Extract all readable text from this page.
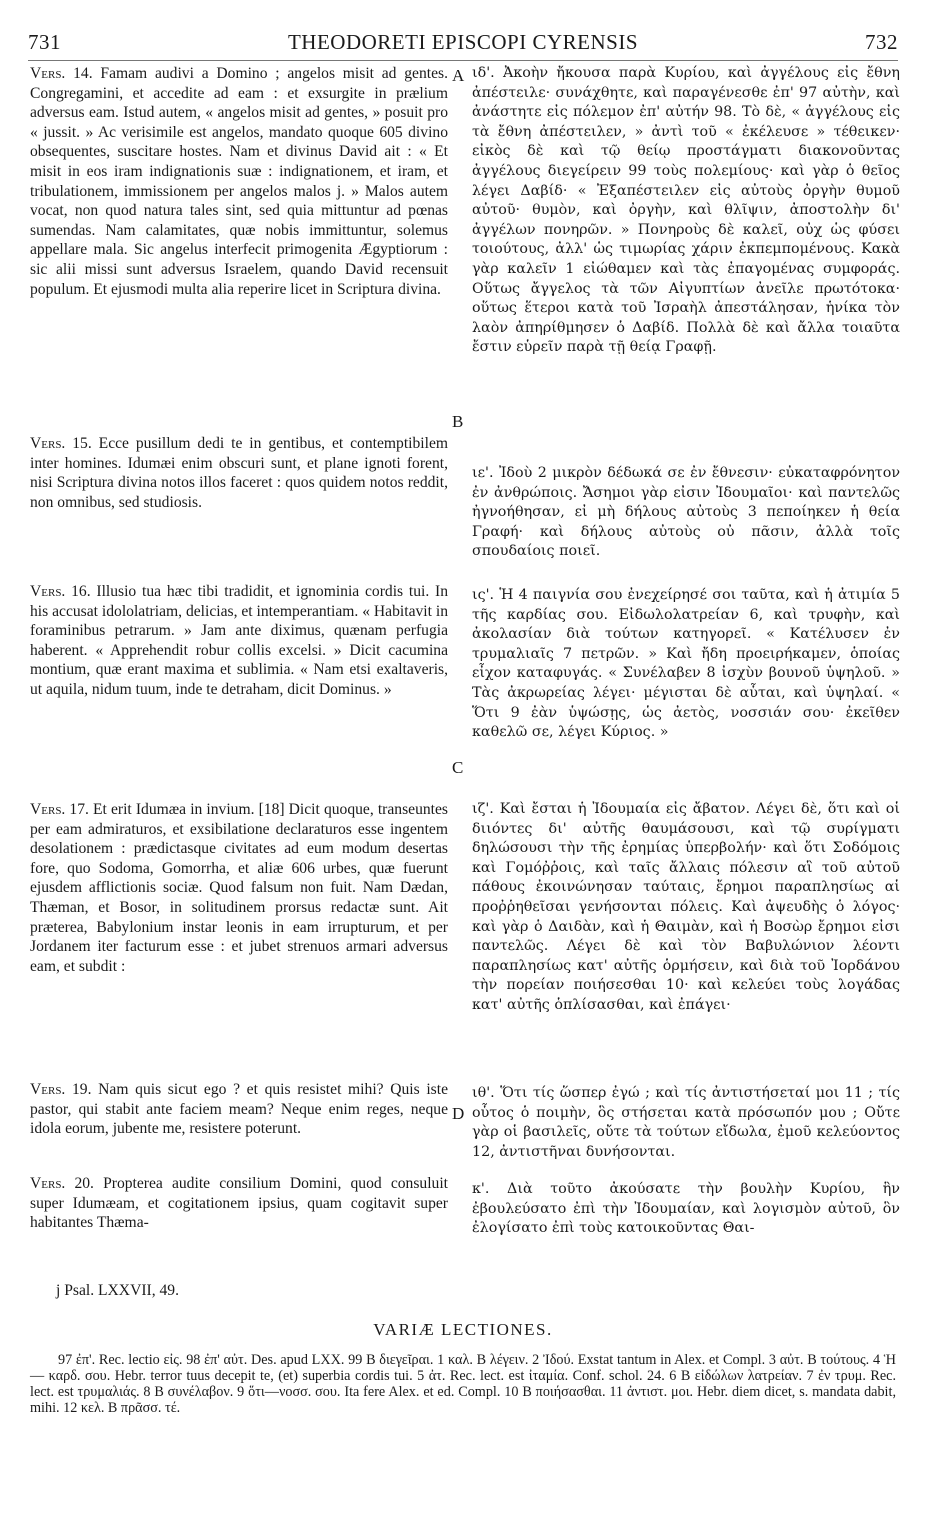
731	THEODORETI EPISCOPI CYRENSIS	732

Vers. 14. Famam audivi a Domino ; angelos misit ad gentes. Congregamini, et accedite ad eam : et exsurgite in prælium adversus eam. Istud autem, « angelos misit ad gentes, » posuit pro « jussit. » Ac verisimile est angelos, mandato quoque 605 divino obsequentes, suscitare hostes. Nam et divinus David ait : « Et misit in eos iram indignationis suæ : indignationem, et iram, et tribulationem, immissionem per angelos malos j. » Malos autem vocat, non quod natura tales sint, sed quia mittuntur ad pœnas sumendas. Nam calamitates, quæ nobis immittuntur, solemus appellare mala. Sic angelus interfecit primogenita Ægyptiorum : sic alii missi sunt adversus Israelem, quando David recensuit populum. Et ejusmodi multa alia reperire licet in Scriptura divina.

Vers. 15. Ecce pusillum dedi te in gentibus, et contemptibilem inter homines. Idumæi enim obscuri sunt, et plane ignoti forent, nisi Scriptura divina notos illos faceret : quos quidem notos reddit, non omnibus, sed studiosis.

Vers. 16. Illusio tua hæc tibi tradidit, et ignominia cordis tui. In his accusat idololatriam, delicias, et intemperantiam. « Habitavit in foraminibus petrarum. » Jam ante diximus, quænam perfugia haberent. « Apprehendit robur collis excelsi. » Dicit cacumina montium, quæ erant maxima et sublimia. « Nam etsi exaltaveris, ut aquila, nidum tuum, inde te detraham, dicit Dominus. »

Vers. 17. Et erit Idumæa in invium. [18] Dicit quoque, transeuntes per eam admiraturos, et exsibilatione declaraturos esse ingentem desolationem : prædictasque civitates ad eum modum desertas fore, quo Sodoma, Gomorrha, et aliæ 606 urbes, quæ fuerunt ejusdem afflictionis sociæ. Quod falsum non fuit. Nam Dædan, Thæman, et Bosor, in solitudinem prorsus redactæ sunt. Ait præterea, Babylonium instar leonis in eam irrupturum, et per Jordanem iter facturum esse : et jubet strenuos armari adversus eam, et subdit :

Vers. 19. Nam quis sicut ego ? et quis resistet mihi? Quis iste pastor, qui stabit ante faciem meam? Neque enim reges, neque idola eorum, jubente me, resistere poterunt.

Vers. 20. Propterea audite consilium Domini, quod consuluit super Idumæam, et cogitationem ipsius, quam cogitavit super habitantes Thæma-

A
B
C
D

ιδ'. Ἀκοὴν ἤκουσα παρὰ Κυρίου, καὶ ἀγγέλους εἰς ἔθνη ἀπέστειλε· συνάχθητε, καὶ παραγένεσθε ἐπ' 97 αὐτὴν, καὶ ἀνάστητε εἰς πόλεμον ἐπ' αὐτήν 98. Τὸ δὲ, « ἀγγέλους εἰς τὰ ἔθνη ἀπέστειλεν, » ἀντὶ τοῦ « ἐκέλευσε » τέθεικεν· εἰκὸς δὲ καὶ τῷ θείῳ προστάγματι διακονοῦντας ἀγγέλους διεγείρειν 99 τοὺς πολεμίους· καὶ γὰρ ὁ θεῖος λέγει Δαβίδ· « Ἐξαπέστειλεν εἰς αὐτοὺς ὀργὴν θυμοῦ αὐτοῦ· θυμὸν, καὶ ὀργὴν, καὶ θλῖψιν, ἀποστολὴν δι' ἀγγέλων πονηρῶν. » Πονηροὺς δὲ καλεῖ, οὐχ ὡς φύσει τοιούτους, ἀλλ' ὡς τιμωρίας χάριν ἐκπεμπομένους. Κακὰ γὰρ καλεῖν 1 εἰώθαμεν καὶ τὰς ἐπαγομένας συμφοράς. Οὕτως ἄγγελος τὰ τῶν Αἰγυπτίων ἀνεῖλε πρωτότοκα· οὕτως ἕτεροι κατὰ τοῦ Ἰσραὴλ ἀπεστάλησαν, ἡνίκα τὸν λαὸν ἀπηρίθμησεν ὁ Δαβίδ. Πολλὰ δὲ καὶ ἄλλα τοιαῦτα ἔστιν εὑρεῖν παρὰ τῇ θείᾳ Γραφῇ.

ιε'. Ἰδοὺ 2 μικρὸν δέδωκά σε ἐν ἔθνεσιν· εὐκαταφρόνητον ἐν ἀνθρώποις. Ἄσημοι γὰρ εἰσιν Ἰδουμαῖοι· καὶ παντελῶς ἠγνοήθησαν, εἰ μὴ δήλους αὐτοὺς 3 πεποίηκεν ἡ θεία Γραφή· καὶ δήλους αὐτοὺς οὐ πᾶσιν, ἀλλὰ τοῖς σπουδαίοις ποιεῖ.

ις'. Ἡ 4 παιγνία σου ἐνεχείρησέ σοι ταῦτα, καὶ ἡ ἀτιμία 5 τῆς καρδίας σου. Εἰδωλολατρείαν 6, καὶ τρυφὴν, καὶ ἀκολασίαν διὰ τούτων κατηγορεῖ. « Κατέλυσεν ἐν τρυμαλιαῖς 7 πετρῶν. » Καὶ ἤδη προειρήκαμεν, ὁποίας εἶχον καταφυγάς. « Συνέλαβεν 8 ἰσχὺν βουνοῦ ὑψηλοῦ. » Τὰς ἀκρωρείας λέγει· μέγισται δὲ αὗται, καὶ ὑψηλαί. « Ὅτι 9 ἐὰν ὑψώσῃς, ὡς ἀετὸς, νοσσιάν σου· ἐκεῖθεν καθελῶ σε, λέγει Κύριος. »

ιζ'. Καὶ ἔσται ἡ Ἰδουμαία εἰς ἄβατον. Λέγει δὲ, ὅτι καὶ οἱ διιόντες δι' αὐτῆς θαυμάσουσι, καὶ τῷ συρίγματι δηλώσουσι τὴν τῆς ἐρημίας ὑπερβολήν· καὶ ὅτι Σοδόμοις καὶ Γομόῤῥοις, καὶ ταῖς ἄλλαις πόλεσιν αἳ τοῦ αὐτοῦ πάθους ἐκοινώνησαν ταύταις, ἔρημοι παραπλησίως αἱ προῤῥηθεῖσαι γενήσονται πόλεις. Καὶ ἀψευδὴς ὁ λόγος· καὶ γὰρ ὁ Δαιδὰν, καὶ ἡ Θαιμὰν, καὶ ἡ Βοσὼρ ἔρημοι εἰσι παντελῶς. Λέγει δὲ καὶ τὸν Βαβυλώνιον λέοντι παραπλησίως κατ' αὐτῆς ὁρμήσειν, καὶ διὰ τοῦ Ἰορδάνου τὴν πορείαν ποιήσεσθαι 10· καὶ κελεύει τοὺς λογάδας κατ' αὐτῆς ὁπλίσασθαι, καὶ ἐπάγει·

ιθ'. Ὅτι τίς ὥσπερ ἐγώ ; καὶ τίς ἀντιστήσεταί μοι 11 ; τίς οὗτος ὁ ποιμὴν, ὃς στήσεται κατὰ πρόσωπόν μου ; Οὔτε γὰρ οἱ βασιλεῖς, οὔτε τὰ τούτων εἴδωλα, ἐμοῦ κελεύοντος 12, ἀντιστῆναι δυνήσονται.

κ'. Διὰ τοῦτο ἀκούσατε τὴν βουλὴν Κυρίου, ἣν ἐβουλεύσατο ἐπὶ τὴν Ἰδουμαίαν, καὶ λογισμὸν αὐτοῦ, ὃν ἐλογίσατο ἐπὶ τοὺς κατοικοῦντας Θαι-

j Psal. LXXVII, 49.
VARIÆ LECTIONES.

97 ἐπ'. Rec. lectio εἰς. 98 ἐπ' αὐτ. Des. apud LXX. 99 B διεγεῖραι. 1 καλ. B λέγειν. 2 Ἰδού. Exstat tantum in Alex. et Compl. 3 αὐτ. B τούτους. 4 Ἡ — καρδ. σου. Hebr. terror tuus decepit te, (et) superbia cordis tui. 5 ἀτ. Rec. lect. est ἰταμία. Conf. schol. 24. 6 B εἰδώλων λατρείαν. 7 ἐν τρυμ. Rec. lect. est τρυμαλιάς. 8 B συνέλαβον. 9 ὅτι—νοσσ. σου. Ita fere Alex. et ed. Compl. 10 B ποιήσασθαι. 11 ἀντιστ. μοι. Hebr. diem dicet, s. mandata dabit, mihi. 12 κελ. B πρᾶσσ. τέ.
